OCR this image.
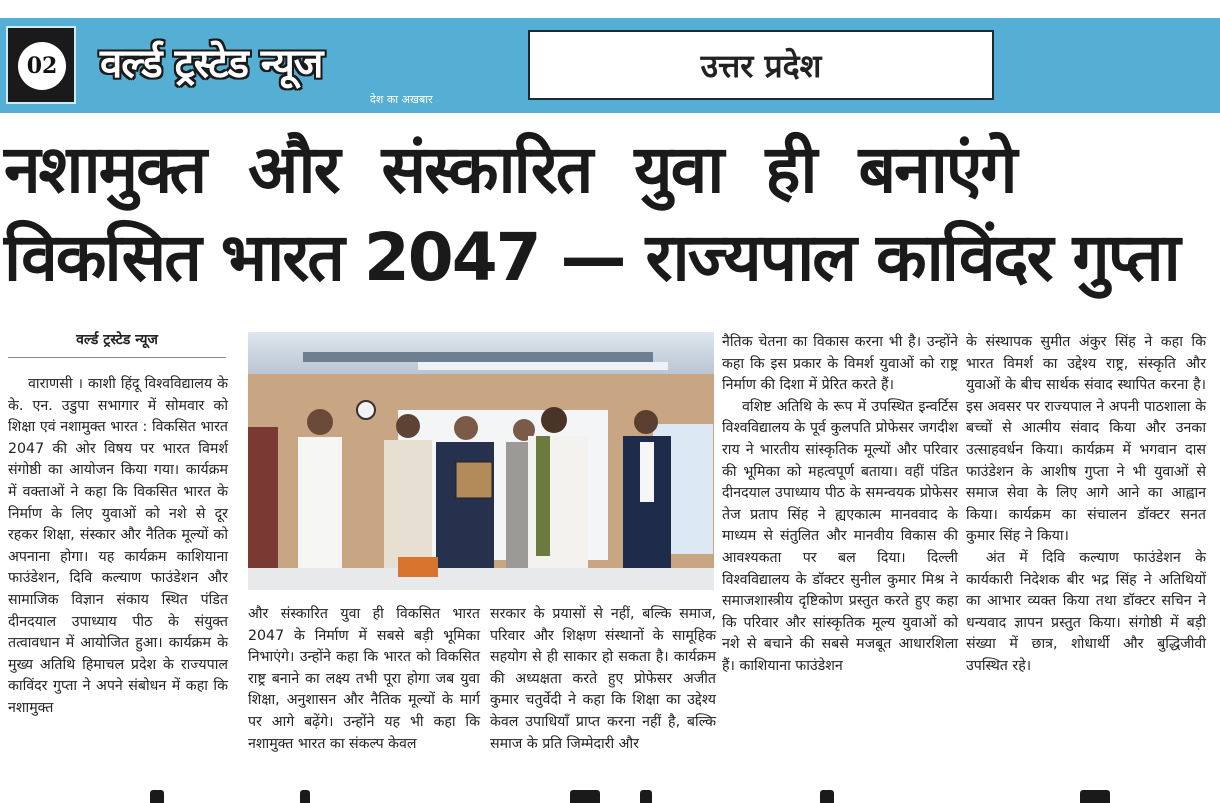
02 वर्ल्ड ट्रस्टेड न्यूज
देश का अखबार
उत्तर प्रदेश
नशामुक्त और संस्कारित युवा ही बनाएंगे
विकसित भारत 2047 — राज्यपाल काविंदर गुप्ता
वर्ल्ड ट्रस्टेड न्यूज

वाराणसी । काशी हिंदू विश्वविद्यालय के के. एन. उडुपा सभागार में सोमवार को शिक्षा एवं नशामुक्त भारत : विकसित भारत 2047 की ओर विषय पर भारत विमर्श संगोष्ठी का आयोजन किया गया। कार्यक्रम में वक्ताओं ने कहा कि विकसित भारत के निर्माण के लिए युवाओं को नशे से दूर रहकर शिक्षा, संस्कार और नैतिक मूल्यों को अपनाना होगा। यह कार्यक्रम काशियाना फाउंडेशन, दिवि कल्याण फाउंडेशन और सामाजिक विज्ञान संकाय स्थित पंडित दीनदयाल उपाध्याय पीठ के संयुक्त तत्वावधान में आयोजित हुआ। कार्यक्रम के मुख्य अतिथि हिमाचल प्रदेश के राज्यपाल काविंदर गुप्ता ने अपने संबोधन में कहा कि नशामुक्त

और संस्कारित युवा ही विकसित भारत 2047 के निर्माण में सबसे बड़ी भूमिका निभाएंगे। उन्होंने कहा कि भारत को विकसित राष्ट्र बनाने का लक्ष्य तभी पूरा होगा जब युवा शिक्षा, अनुशासन और नैतिक मूल्यों के मार्ग पर आगे बढ़ेंगे। उन्होंने यह भी कहा कि नशामुक्त भारत का संकल्प केवल

सरकार के प्रयासों से नहीं, बल्कि समाज, परिवार और शिक्षण संस्थानों के सामूहिक सहयोग से ही साकार हो सकता है। कार्यक्रम की अध्यक्षता करते हुए प्रोफेसर अजीत कुमार चतुर्वेदी ने कहा कि शिक्षा का उद्देश्य केवल उपाधियाँ प्राप्त करना नहीं है, बल्कि समाज के प्रति जिम्मेदारी और

नैतिक चेतना का विकास करना भी है। उन्होंने कहा कि इस प्रकार के विमर्श युवाओं को राष्ट्र निर्माण की दिशा में प्रेरित करते हैं।

वशिष्ट अतिथि के रूप में उपस्थित इन्वर्टिस विश्वविद्यालय के पूर्व कुलपति प्रोफेसर जगदीश राय ने भारतीय सांस्कृतिक मूल्यों और परिवार की भूमिका को महत्वपूर्ण बताया। वहीं पंडित दीनदयाल उपाध्याय पीठ के समन्वयक प्रोफेसर तेज प्रताप सिंह ने ह्यएकात्म मानववाद के माध्यम से संतुलित और मानवीय विकास की आवश्यकता पर बल दिया। दिल्ली विश्वविद्यालय के डॉक्टर सुनील कुमार मिश्र ने समाजशास्त्रीय दृष्टिकोण प्रस्तुत करते हुए कहा कि परिवार और सांस्कृतिक मूल्य युवाओं को नशे से बचाने की सबसे मजबूत आधारशिला हैं। काशियाना फाउंडेशन

के संस्थापक सुमीत अंकुर सिंह ने कहा कि भारत विमर्श का उद्देश्य राष्ट्र, संस्कृति और युवाओं के बीच सार्थक संवाद स्थापित करना है। इस अवसर पर राज्यपाल ने अपनी पाठशाला के बच्चों से आत्मीय संवाद किया और उनका उत्साहवर्धन किया। कार्यक्रम में भगवान दास फाउंडेशन के आशीष गुप्ता ने भी युवाओं से समाज सेवा के लिए आगे आने का आह्वान किया। कार्यक्रम का संचालन डॉक्टर सनत कुमार सिंह ने किया।

अंत में दिवि कल्याण फाउंडेशन के कार्यकारी निदेशक बीर भद्र सिंह ने अतिथियों का आभार व्यक्त किया तथा डॉक्टर सचिन ने धन्यवाद ज्ञापन प्रस्तुत किया। संगोष्ठी में बड़ी संख्या में छात्र, शोधार्थी और बुद्धिजीवी उपस्थित रहे।
